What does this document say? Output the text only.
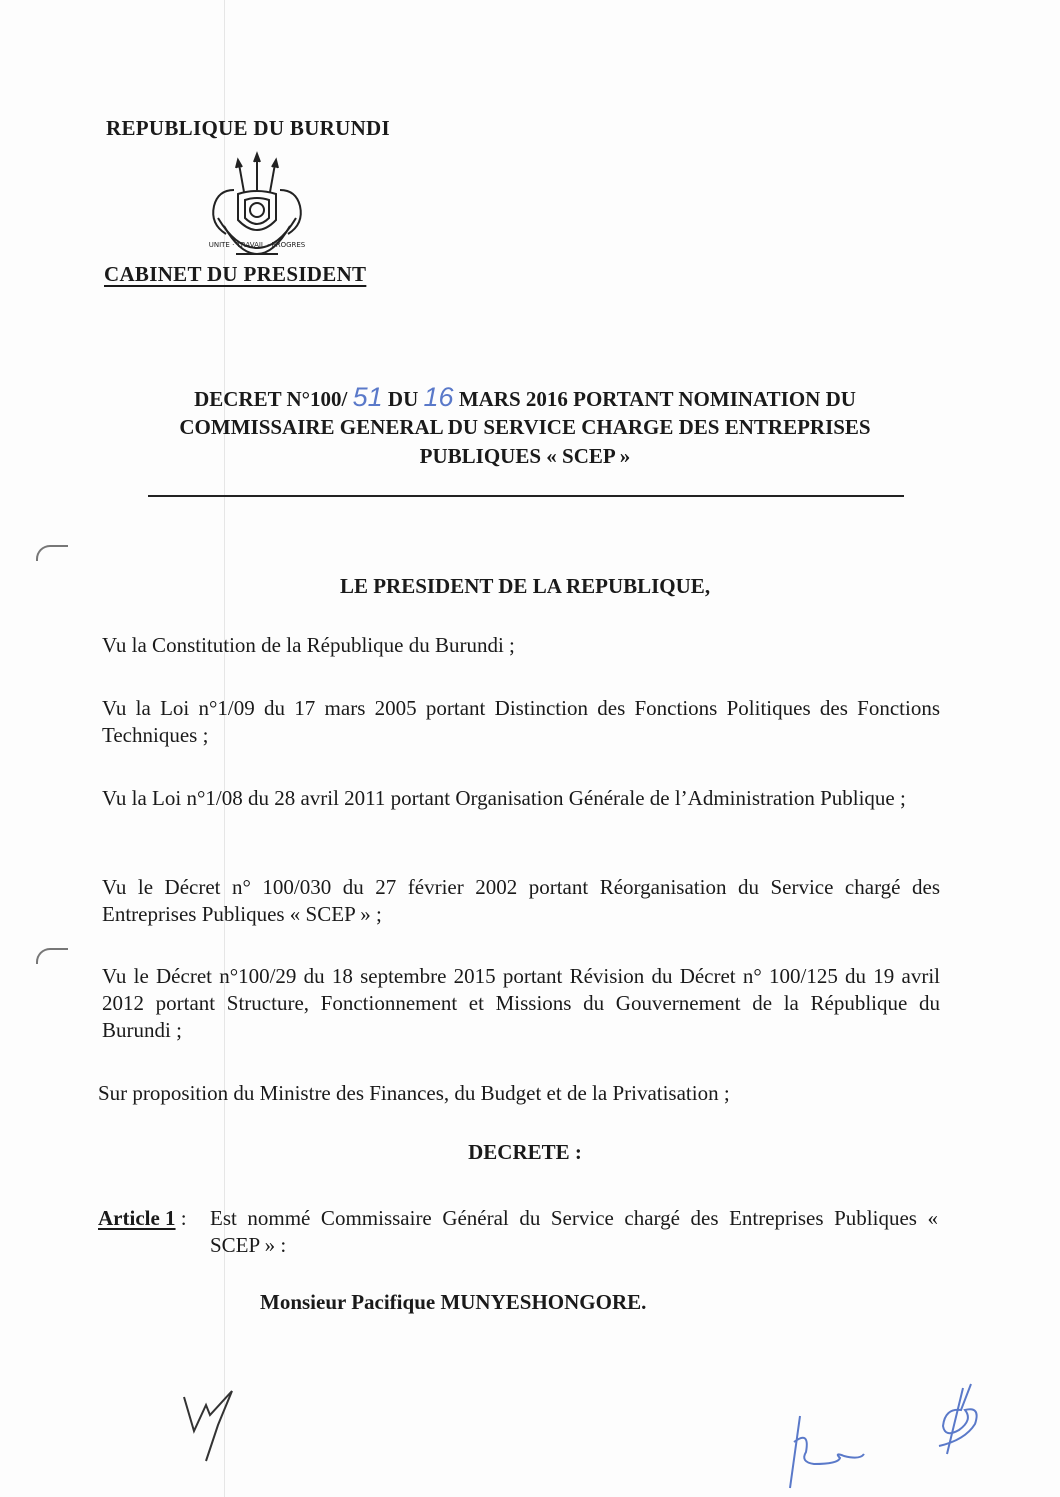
REPUBLIQUE DU BURUNDI
UNITE · TRAVAIL · PROGRES
CABINET DU PRESIDENT
DECRET N°100/ 51 DU 16 MARS 2016 PORTANT NOMINATION DU
COMMISSAIRE GENERAL DU SERVICE CHARGE DES ENTREPRISES
PUBLIQUES « SCEP »
LE PRESIDENT DE LA REPUBLIQUE,
Vu la Constitution de la République du Burundi ;
Vu la Loi n°1/09 du 17 mars 2005 portant Distinction des Fonctions Politiques des Fonctions Techniques ;
Vu la Loi n°1/08 du 28 avril 2011 portant Organisation Générale de l’Administration Publique ;
Vu le Décret n° 100/030 du 27 février 2002 portant Réorganisation du Service chargé des Entreprises Publiques « SCEP » ;
Vu le Décret n°100/29 du 18 septembre 2015 portant Révision du Décret n° 100/125 du 19 avril 2012 portant Structure, Fonctionnement et Missions du Gouvernement de la République du Burundi ;
Sur proposition du Ministre des Finances, du Budget et de la Privatisation ;
DECRETE :
Article 1 : Est nommé Commissaire Général du Service chargé des Entreprises Publiques « SCEP » :
Monsieur Pacifique MUNYESHONGORE.
